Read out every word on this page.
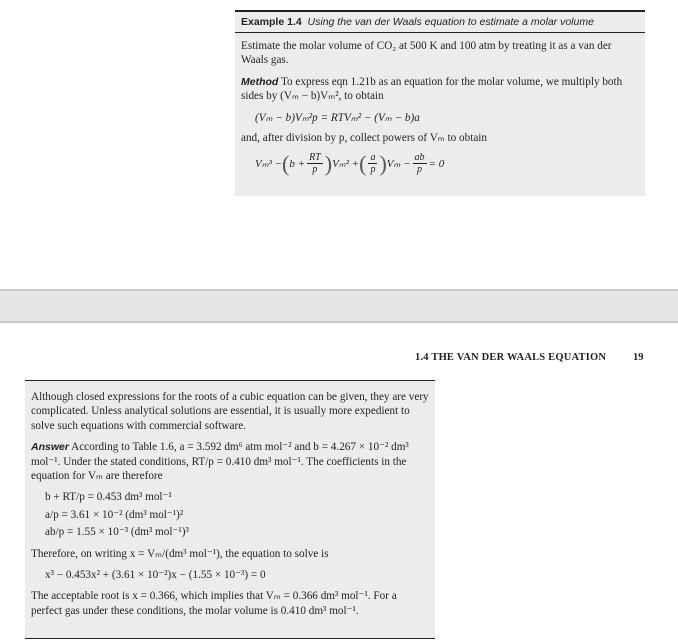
Example 1.4 Using the van der Waals equation to estimate a molar volume

Estimate the molar volume of CO₂ at 500 K and 100 atm by treating it as a van der Waals gas.

Method To express eqn 1.21b as an equation for the molar volume, we multiply both sides by (Vₘ − b)Vₘ², to obtain

(Vₘ − b)Vₘ²p = RTVₘ² − (Vₘ − b)a

and, after division by p, collect powers of Vₘ to obtain

Vₘ³ − ( $b + \frac{RT}{p}$ ) Vₘ² + ( $\frac{a}{p}$ ) $V_m - \frac{ab}{p} = 0$
1.4 THE VAN DER WAALS EQUATION	19

Although closed expressions for the roots of a cubic equation can be given, they are very complicated. Unless analytical solutions are essential, it is usually more expedient to solve such equations with commercial software.

Answer According to Table 1.6, a = 3.592 dm⁶ atm mol⁻² and b = 4.267 × 10⁻² dm³ mol⁻¹. Under the stated conditions, RT/p = 0.410 dm³ mol⁻¹. The coefficients in the equation for Vₘ are therefore

b + RT/p = 0.453 dm³ mol⁻¹
a/p = 3.61 × 10⁻² (dm³ mol⁻¹)²
ab/p = 1.55 × 10⁻³ (dm³ mol⁻¹)³

Therefore, on writing x = Vₘ/(dm³ mol⁻¹), the equation to solve is

x³ − 0.453x² + (3.61 × 10⁻²)x − (1.55 × 10⁻³) = 0

The acceptable root is x = 0.366, which implies that Vₘ = 0.366 dm³ mol⁻¹. For a perfect gas under these conditions, the molar volume is 0.410 dm³ mol⁻¹.
